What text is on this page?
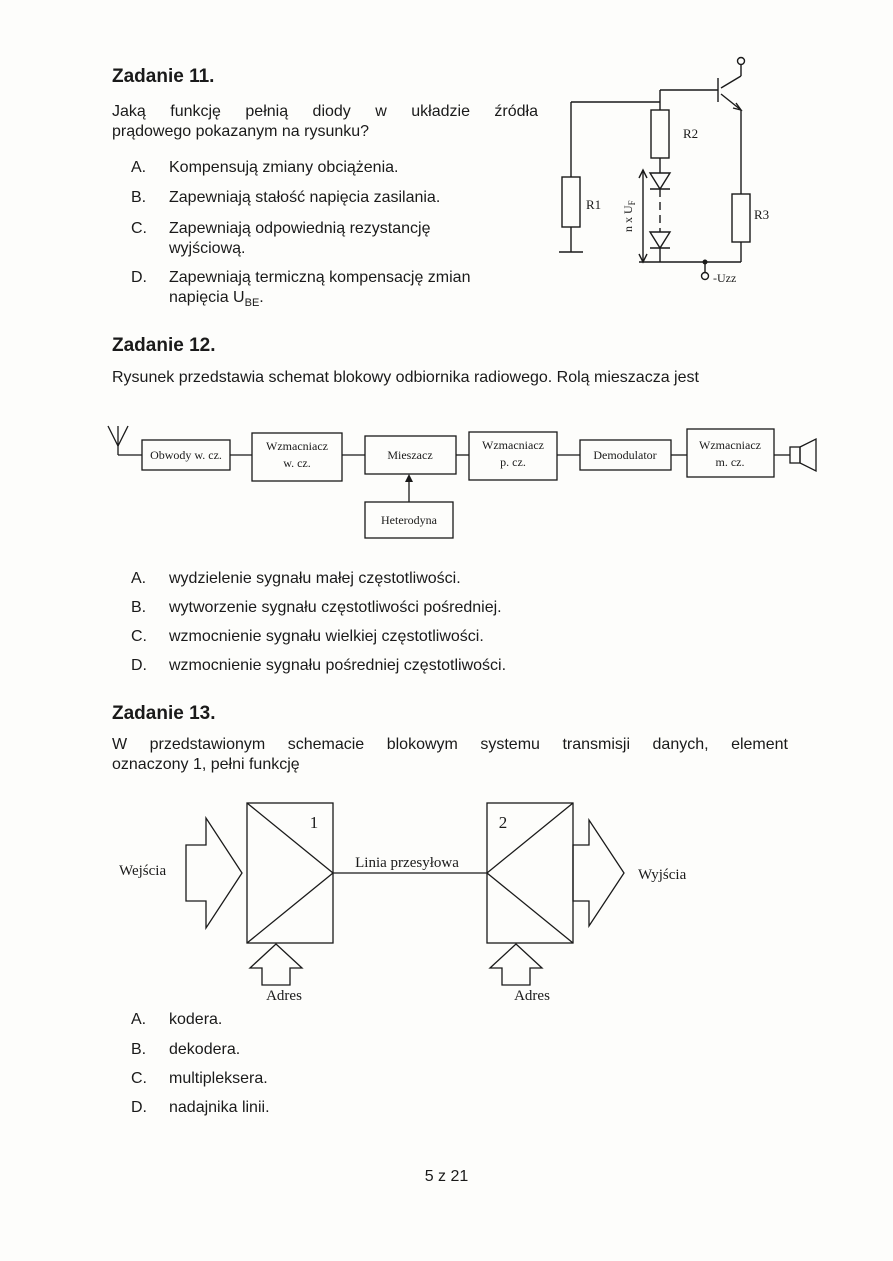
Zadanie 11.
Jaką funkcję pełnią diody w układzie źródła
prądowego pokazanym na rysunku?
A. Kompensują zmiany obciążenia.
B. Zapewniają stałość napięcia zasilania.
C. Zapewniają odpowiednią rezystancję
wyjściową.
D. Zapewniają termiczną kompensację zmian
napięcia $U_{BE}$.
R2
R1
R3
-Uzz
n x $U_F$
Zadanie 12.
Rysunek przedstawia schemat blokowy odbiornika radiowego. Rolą mieszacza jest
Obwody w. cz.
Wzmacniacz
w. cz.
Mieszacz
Wzmacniacz
p. cz.	Demodulator
Wzmacniacz
m. cz.
Heterodyna
A. wydzielenie sygnału małej częstotliwości.
B. wytworzenie sygnału częstotliwości pośredniej.
C. wzmocnienie sygnału wielkiej częstotliwości.
D. wzmocnienie sygnału pośredniej częstotliwości.
Zadanie 13.
W przedstawionym schemacie blokowym systemu transmisji danych, element
oznaczony 1, pełni funkcję
1	2
Wejścia	Wyjścia
Linia przesyłowa
Adres	Adres
A. kodera.
B. dekodera.
C. multipleksera.
D. nadajnika linii.
5 z 21
